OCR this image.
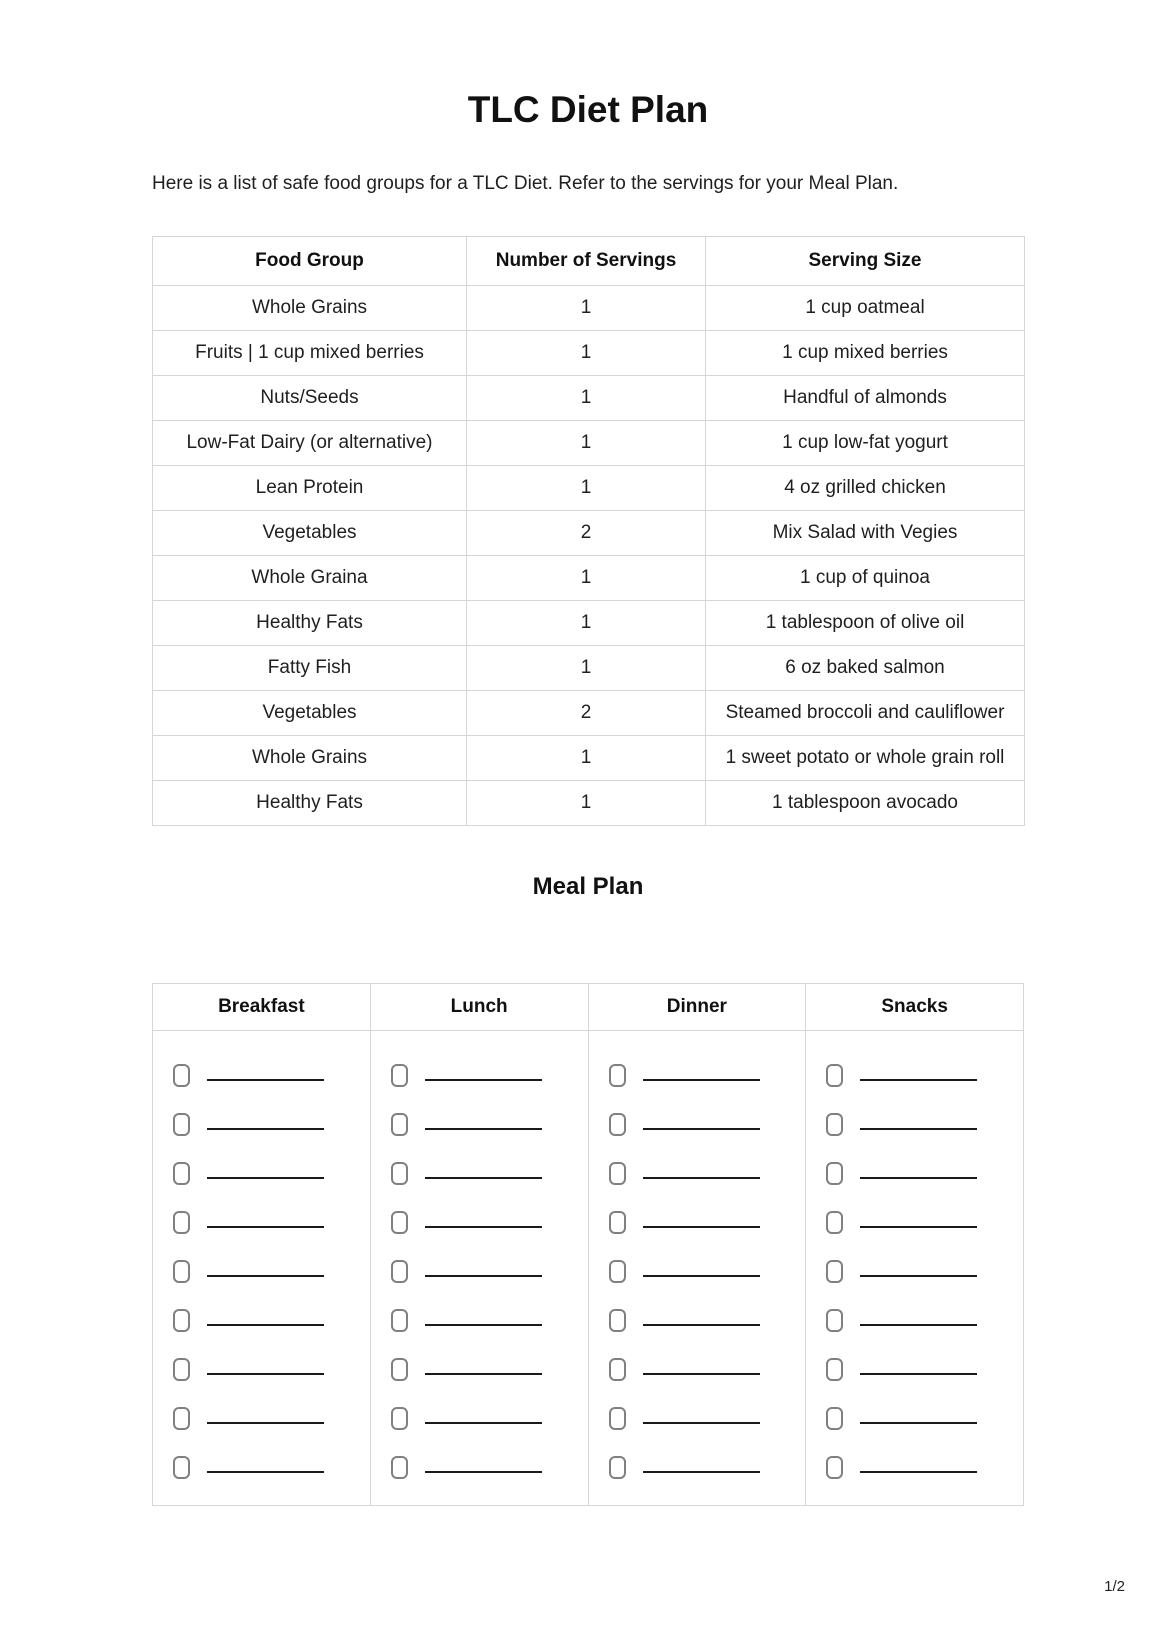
TLC Diet Plan

Here is a list of safe food groups for a TLC Diet. Refer to the servings for your Meal Plan.

Food Group	Number of Servings	Serving Size
Whole Grains	1	1 cup oatmeal
Fruits | 1 cup mixed berries	1	1 cup mixed berries
Nuts/Seeds	1	Handful of almonds
Low-Fat Dairy (or alternative)	1	1 cup low-fat yogurt
Lean Protein	1	4 oz grilled chicken
Vegetables	2	Mix Salad with Vegies
Whole Graina	1	1 cup of quinoa
Healthy Fats	1	1 tablespoon of olive oil
Fatty Fish	1	6 oz baked salmon
Vegetables	2	Steamed broccoli and cauliflower
Whole Grains	1	1 sweet potato or whole grain roll
Healthy Fats	1	1 tablespoon avocado
Meal Plan
Breakfast	Lunch	Dinner	Snacks

1/2
